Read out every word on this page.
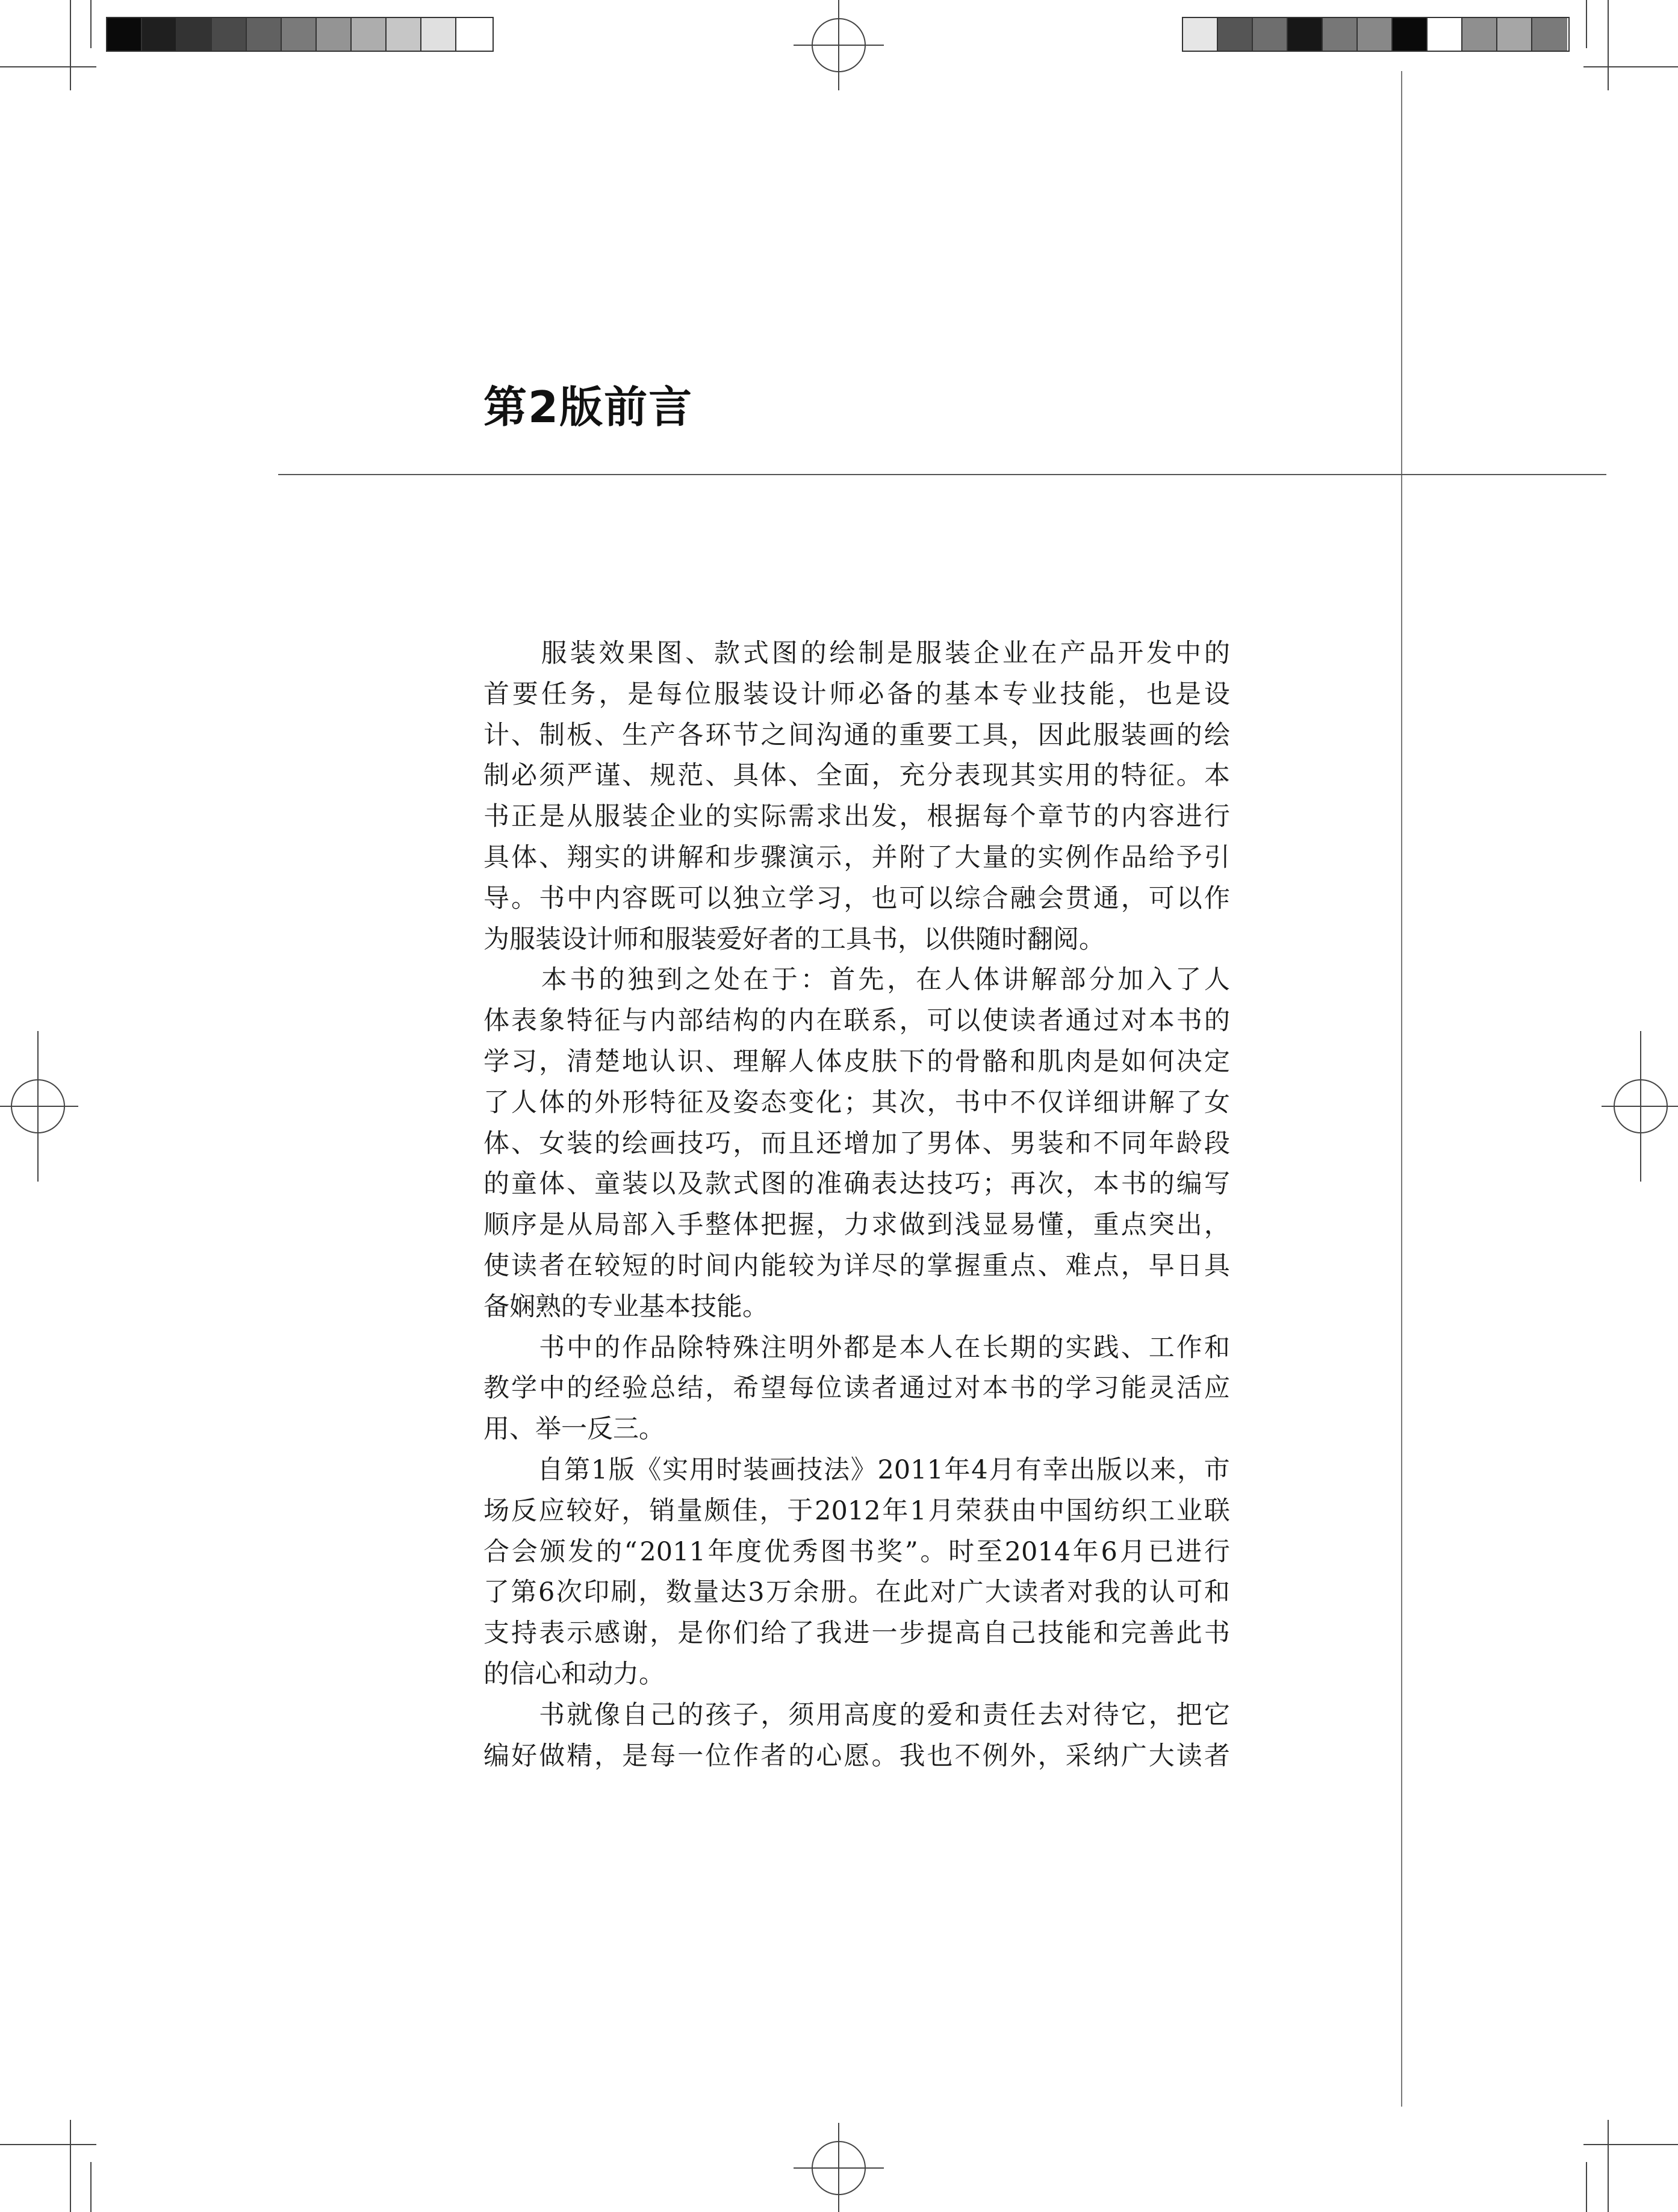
第2版前言

服 装 效 果 图 、 款 式 图 的 绘 制 是 服 装 企 业 在 产 品 开 发 中 的
首 要 任 务 ， 是 每 位 服 装 设 计 师 必 备 的 基 本 专 业 技 能 ， 也 是 设
计 、 制 板 、 生 产 各 环 节 之 间 沟 通 的 重 要 工 具 ， 因 此 服 装 画 的 绘
制 必 须 严 谨 、 规 范 、 具 体 、 全 面 ， 充 分 表 现 其 实 用 的 特 征 。 本
书 正 是 从 服 装 企 业 的 实 际 需 求 出 发 ， 根 据 每 个 章 节 的 内 容 进 行
具 体 、 翔 实 的 讲 解 和 步 骤 演 示 ， 并 附 了 大 量 的 实 例 作 品 给 予 引
导 。 书 中 内 容 既 可 以 独 立 学 习 ， 也 可 以 综 合 融 会 贯 通 ， 可 以 作
为服装设计师和服装爱好者的工具书，以供随时翻阅。

本 书 的 独 到 之 处 在 于 ： 首 先 ， 在 人 体 讲 解 部 分 加 入 了 人
体 表 象 特 征 与 内 部 结 构 的 内 在 联 系 ， 可 以 使 读 者 通 过 对 本 书 的
学 习 ， 清 楚 地 认 识 、 理 解 人 体 皮 肤 下 的 骨 骼 和 肌 肉 是 如 何 决 定
了 人 体 的 外 形 特 征 及 姿 态 变 化 ； 其 次 ， 书 中 不 仅 详 细 讲 解 了 女
体 、 女 装 的 绘 画 技 巧 ， 而 且 还 增 加 了 男 体 、 男 装 和 不 同 年 龄 段
的 童 体 、 童 装 以 及 款 式 图 的 准 确 表 达 技 巧 ； 再 次 ， 本 书 的 编 写
顺 序 是 从 局 部 入 手 整 体 把 握 ， 力 求 做 到 浅 显 易 懂 ， 重 点 突 出 ，
使 读 者 在 较 短 的 时 间 内 能 较 为 详 尽 的 掌 握 重 点 、 难 点 ， 早 日 具
备娴熟的专业基本技能。

书 中 的 作 品 除 特 殊 注 明 外 都 是 本 人 在 长 期 的 实 践 、 工 作 和
教 学 中 的 经 验 总 结 ， 希 望 每 位 读 者 通 过 对 本 书 的 学 习 能 灵 活 应
用、举一反三。

自 第 1 版 《 实 用 时 装 画 技 法 》 2011 年 4 月 有 幸 出 版 以 来 ， 市
场 反 应 较 好 ， 销 量 颇 佳 ， 于 2012 年 1 月 荣 获 由 中 国 纺 织 工 业 联
合 会 颁 发 的 “ 2011 年 度 优 秀 图 书 奖 ” 。 时 至 2014 年 6 月 已 进 行
了 第 6 次 印 刷 ， 数 量 达 3 万 余 册 。 在 此 对 广 大 读 者 对 我 的 认 可 和
支 持 表 示 感 谢 ， 是 你 们 给 了 我 进 一 步 提 高 自 己 技 能 和 完 善 此 书
的信心和动力。

书 就 像 自 己 的 孩 子 ， 须 用 高 度 的 爱 和 责 任 去 对 待 它 ， 把 它
编 好 做 精 ， 是 每 一 位 作 者 的 心 愿 。 我 也 不 例 外 ， 采 纳 广 大 读 者
